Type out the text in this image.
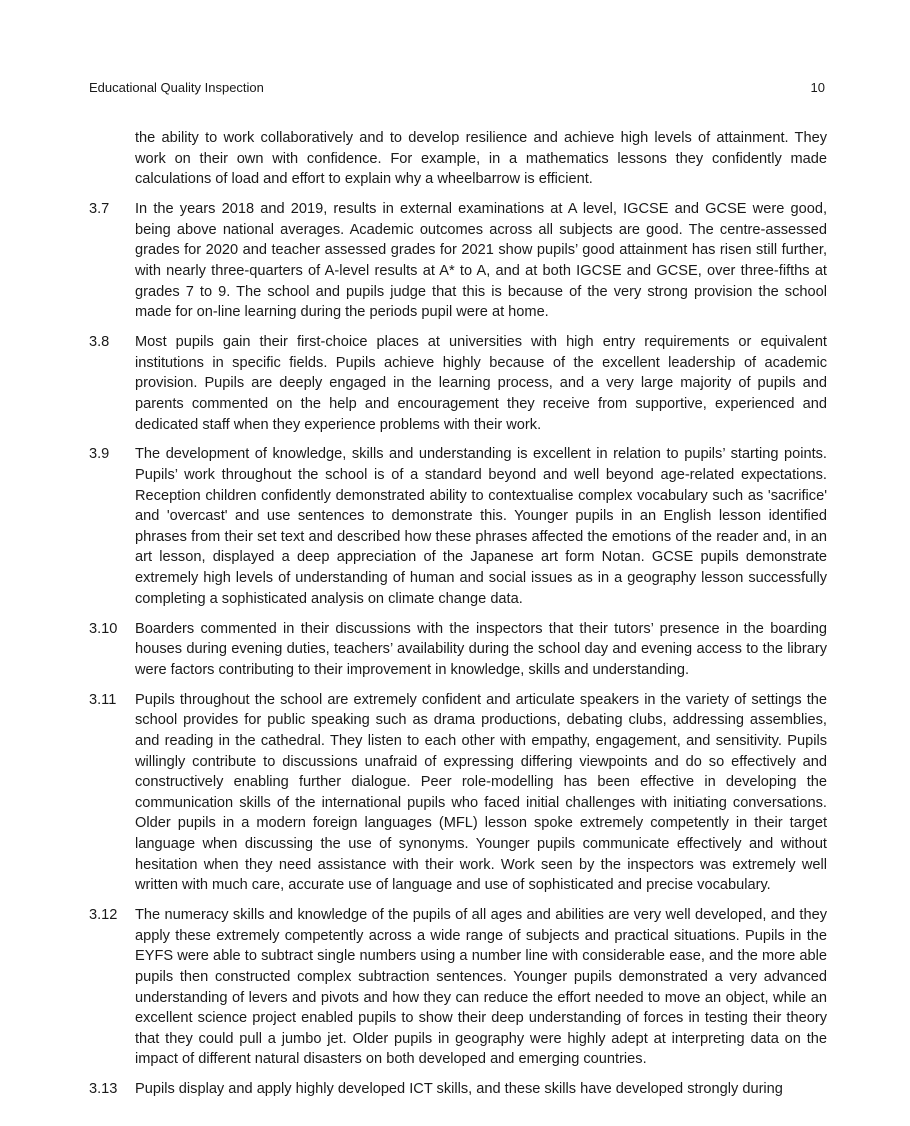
Educational Quality Inspection	10
the ability to work collaboratively and to develop resilience and achieve high levels of attainment. They work on their own with confidence. For example, in a mathematics lessons they confidently made calculations of load and effort to explain why a wheelbarrow is efficient.
3.7 In the years 2018 and 2019, results in external examinations at A level, IGCSE and GCSE were good, being above national averages. Academic outcomes across all subjects are good. The centre-assessed grades for 2020 and teacher assessed grades for 2021 show pupils’ good attainment has risen still further, with nearly three-quarters of A-level results at A* to A, and at both IGCSE and GCSE, over three-fifths at grades 7 to 9. The school and pupils judge that this is because of the very strong provision the school made for on-line learning during the periods pupil were at home.
3.8 Most pupils gain their first-choice places at universities with high entry requirements or equivalent institutions in specific fields. Pupils achieve highly because of the excellent leadership of academic provision. Pupils are deeply engaged in the learning process, and a very large majority of pupils and parents commented on the help and encouragement they receive from supportive, experienced and dedicated staff when they experience problems with their work.
3.9 The development of knowledge, skills and understanding is excellent in relation to pupils’ starting points. Pupils’ work throughout the school is of a standard beyond and well beyond age-related expectations. Reception children confidently demonstrated ability to contextualise complex vocabulary such as 'sacrifice' and 'overcast' and use sentences to demonstrate this. Younger pupils in an English lesson identified phrases from their set text and described how these phrases affected the emotions of the reader and, in an art lesson, displayed a deep appreciation of the Japanese art form Notan. GCSE pupils demonstrate extremely high levels of understanding of human and social issues as in a geography lesson successfully completing a sophisticated analysis on climate change data.
3.10 Boarders commented in their discussions with the inspectors that their tutors’ presence in the boarding houses during evening duties, teachers’ availability during the school day and evening access to the library were factors contributing to their improvement in knowledge, skills and understanding.
3.11 Pupils throughout the school are extremely confident and articulate speakers in the variety of settings the school provides for public speaking such as drama productions, debating clubs, addressing assemblies, and reading in the cathedral. They listen to each other with empathy, engagement, and sensitivity. Pupils willingly contribute to discussions unafraid of expressing differing viewpoints and do so effectively and constructively enabling further dialogue. Peer role-modelling has been effective in developing the communication skills of the international pupils who faced initial challenges with initiating conversations. Older pupils in a modern foreign languages (MFL) lesson spoke extremely competently in their target language when discussing the use of synonyms. Younger pupils communicate effectively and without hesitation when they need assistance with their work. Work seen by the inspectors was extremely well written with much care, accurate use of language and use of sophisticated and precise vocabulary.
3.12 The numeracy skills and knowledge of the pupils of all ages and abilities are very well developed, and they apply these extremely competently across a wide range of subjects and practical situations. Pupils in the EYFS were able to subtract single numbers using a number line with considerable ease, and the more able pupils then constructed complex subtraction sentences. Younger pupils demonstrated a very advanced understanding of levers and pivots and how they can reduce the effort needed to move an object, while an excellent science project enabled pupils to show their deep understanding of forces in testing their theory that they could pull a jumbo jet. Older pupils in geography were highly adept at interpreting data on the impact of different natural disasters on both developed and emerging countries.
3.13 Pupils display and apply highly developed ICT skills, and these skills have developed strongly during
